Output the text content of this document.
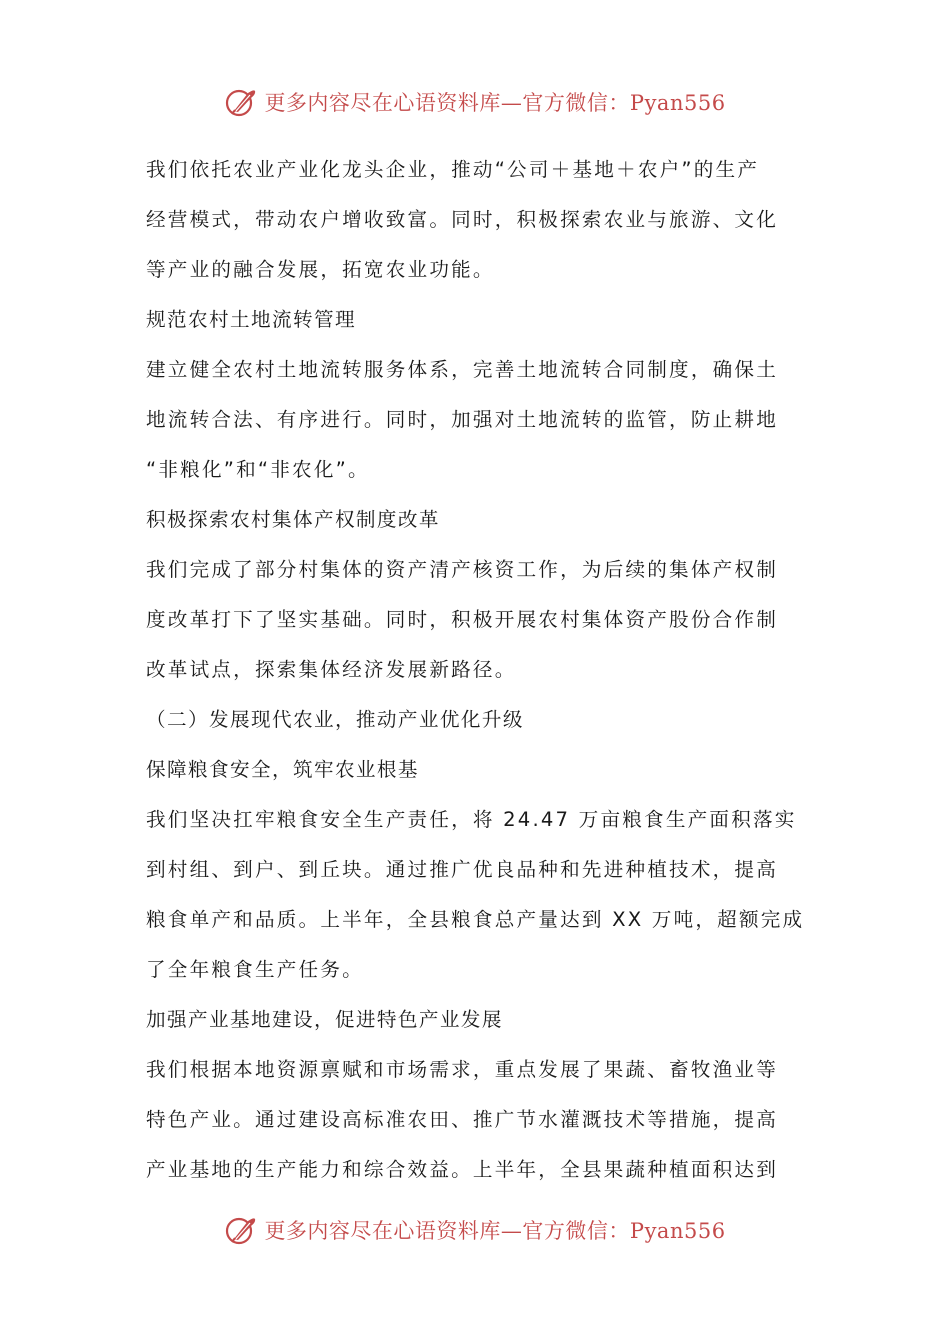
更多内容尽在心语资料库—官方微信：Pyan556
我们依托农业产业化龙头企业，推动“公司＋基地＋农户”的生产
经营模式，带动农户增收致富。同时，积极探索农业与旅游、文化
等产业的融合发展，拓宽农业功能。
规范农村土地流转管理
建立健全农村土地流转服务体系，完善土地流转合同制度，确保土
地流转合法、有序进行。同时，加强对土地流转的监管，防止耕地
“非粮化”和“非农化”。
积极探索农村集体产权制度改革
我们完成了部分村集体的资产清产核资工作，为后续的集体产权制
度改革打下了坚实基础。同时，积极开展农村集体资产股份合作制
改革试点，探索集体经济发展新路径。
（二）发展现代农业，推动产业优化升级
保障粮食安全，筑牢农业根基
我们坚决扛牢粮食安全生产责任，将 24.47 万亩粮食生产面积落实
到村组、到户、到丘块。通过推广优良品种和先进种植技术，提高
粮食单产和品质。上半年，全县粮食总产量达到 XX 万吨，超额完成
了全年粮食生产任务。
加强产业基地建设，促进特色产业发展
我们根据本地资源禀赋和市场需求，重点发展了果蔬、畜牧渔业等
特色产业。通过建设高标准农田、推广节水灌溉技术等措施，提高
产业基地的生产能力和综合效益。上半年，全县果蔬种植面积达到
更多内容尽在心语资料库—官方微信：Pyan556
